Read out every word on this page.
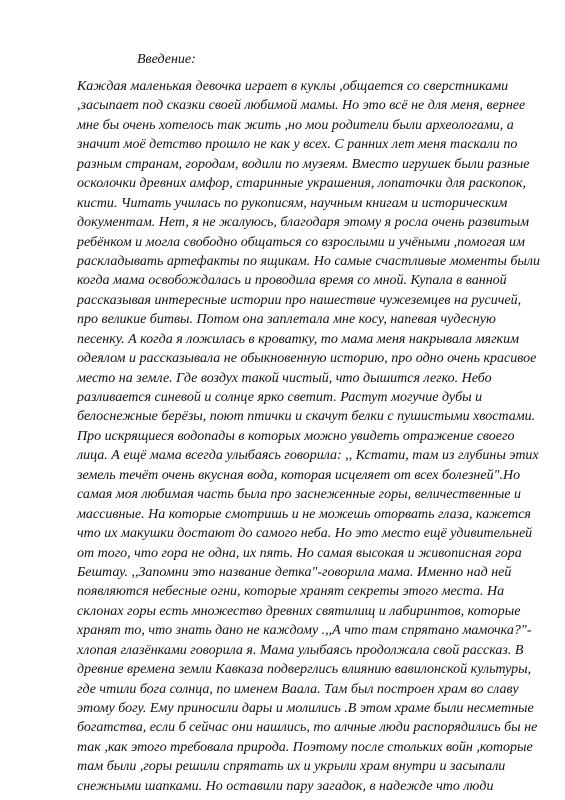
Введение:
Каждая маленькая девочка играет в куклы ,общается со сверстниками
,засыпает под сказки своей любимой мамы. Но это всё не для меня, вернее
мне бы очень хотелось так жить ,но мои родители были археологами, а
значит моё детство прошло не как у всех. С ранних лет меня таскали по
разным странам, городам, водили по музеям. Вместо игрушек были разные
осколочки древних амфор, старинные украшения, лопаточки для раскопок,
кисти. Читать училась по рукописям, научным книгам и историческим
документам. Нет, я не жалуюсь, благодаря этому я росла очень развитым
ребёнком и могла свободно общаться со взрослыми и учёными ,помогая им
раскладывать артефакты по ящикам. Но самые счастливые моменты были
когда мама освобождалась и проводила время со мной. Купала в ванной
рассказывая интересные истории про нашествие чужеземцев на русичей,
про великие битвы. Потом она заплетала мне косу, напевая чудесную
песенку. А когда я ложилась в кроватку, то мама меня накрывала мягким
одеялом и рассказывала не обыкновенную историю, про одно очень красивое
место на земле. Где воздух такой чистый, что дышится легко. Небо
разливается синевой и солнце ярко светит. Растут могучие дубы и
белоснежные берёзы, поют птички и скачут белки с пушистыми хвостами.
Про искрящиеся водопады в которых можно увидеть отражение своего
лица. А ещё мама всегда улыбаясь говорила: ,, Кстати, там из глубины этих
земель течёт очень вкусная вода, которая исцеляет от всех болезней".Но
самая моя любимая часть была про заснеженные горы, величественные и
массивные. На которые смотришь и не можешь оторвать глаза, кажется
что их макушки достают до самого неба. Но это место ещё удивительней
от того, что гора не одна, их пять. Но самая высокая и живописная гора
Бештау. ,,Запомни это название детка"-говорила мама. Именно над ней
появляются небесные огни, которые хранят секреты этого места. На
склонах горы есть множество древних святилищ и лабиринтов, которые
хранят то, что знать дано не каждому .,,А что там спрятано мамочка?"-
хлопая глазёнками говорила я. Мама улыбаясь продолжала свой рассказ. В
древние времена земли Кавказа подверглись влиянию вавилонской культуры,
где чтили бога солнца, по именем Ваала. Там был построен храм во славу
этому богу. Ему приносили дары и молились .В этом храме были несметные
богатства, если б сейчас они нашлись, то алчные люди распорядились бы не
так ,как этого требовала природа. Поэтому после стольких войн ,которые
там были ,горы решили спрятать их и укрыли храм внутри и засыпали
снежными шапками. Но оставили пару загадок, в надежде что люди
